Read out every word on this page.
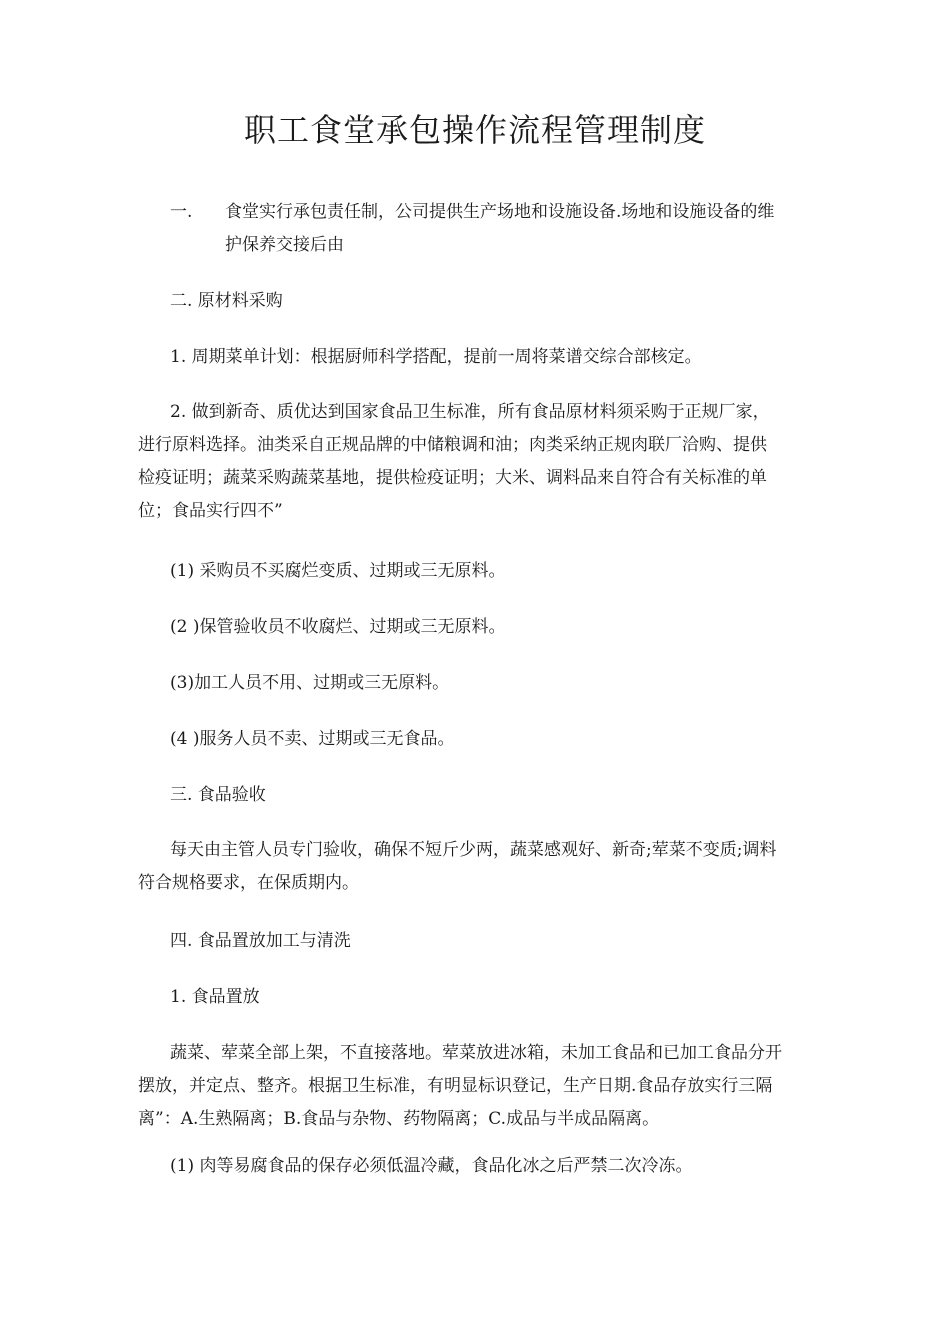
职工食堂承包操作流程管理制度
一. 食堂实行承包责任制，公司提供生产场地和设施设备.场地和设施设备的维
护保养交接后由
二. 原材料采购
1. 周期菜单计划：根据厨师科学搭配，提前一周将菜谱交综合部核定。
2. 做到新奇、质优达到国家食品卫生标准，所有食品原材料须采购于正规厂家，
进行原料选择。油类采自正规品牌的中储粮调和油；肉类采纳正规肉联厂洽购、提供
检疫证明；蔬菜采购蔬菜基地，提供检疫证明；大米、调料品来自符合有关标准的单
位；食品实行四不”
(1) 采购员不买腐烂变质、过期或三无原料。
(2 )保管验收员不收腐烂、过期或三无原料。
(3)加工人员不用、过期或三无原料。
(4 )服务人员不卖、过期或三无食品。
三. 食品验收
每天由主管人员专门验收，确保不短斤少两，蔬菜感观好、新奇;荤菜不变质;调料
符合规格要求，在保质期内。
四. 食品置放加工与清洗
1. 食品置放
蔬菜、荤菜全部上架，不直接落地。荤菜放进冰箱，未加工食品和已加工食品分开
摆放，并定点、整齐。根据卫生标准，有明显标识登记，生产日期.食品存放实行三隔
离”：A.生熟隔离；B.食品与杂物、药物隔离；C.成品与半成品隔离。
(1) 肉等易腐食品的保存必须低温冷藏，食品化冰之后严禁二次冷冻。
